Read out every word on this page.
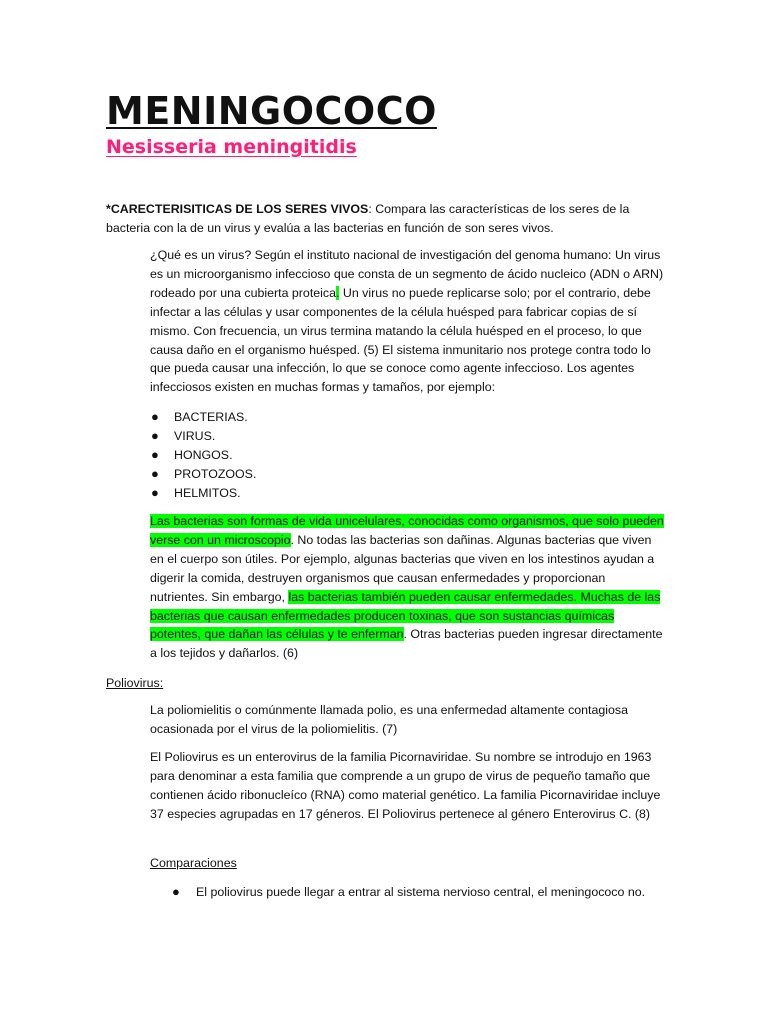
MENINGOCOCO
Nesisseria meningitidis

*CARECTERISITICAS DE LOS SERES VIVOS: Compara las características de los seres de la bacteria con la de un virus y evalúa a las bacterias en función de son seres vivos.

¿Qué es un virus? Según el instituto nacional de investigación del genoma humano: Un virus es un microorganismo infeccioso que consta de un segmento de ácido nucleico (ADN o ARN) rodeado por una cubierta proteica. Un virus no puede replicarse solo; por el contrario, debe infectar a las células y usar componentes de la célula huésped para fabricar copias de sí mismo. Con frecuencia, un virus termina matando la célula huésped en el proceso, lo que causa daño en el organismo huésped. (5) El sistema inmunitario nos protege contra todo lo que pueda causar una infección, lo que se conoce como agente infeccioso. Los agentes infecciosos existen en muchas formas y tamaños, por ejemplo:

● BACTERIAS.
● VIRUS.
● HONGOS.
● PROTOZOOS.
● HELMITOS.

Las bacterias son formas de vida unicelulares, conocidas como organismos, que solo pueden verse con un microscopio. No todas las bacterias son dañinas. Algunas bacterias que viven en el cuerpo son útiles. Por ejemplo, algunas bacterias que viven en los intestinos ayudan a digerir la comida, destruyen organismos que causan enfermedades y proporcionan nutrientes. Sin embargo, las bacterias también pueden causar enfermedades. Muchas de las bacterias que causan enfermedades producen toxinas, que son sustancias químicas potentes, que dañan las células y te enferman. Otras bacterias pueden ingresar directamente a los tejidos y dañarlos. (6)

Poliovirus:

La poliomielitis o comúnmente llamada polio, es una enfermedad altamente contagiosa ocasionada por el virus de la poliomielitis. (7)

El Poliovirus es un enterovirus de la familia Picornaviridae. Su nombre se introdujo en 1963 para denominar a esta familia que comprende a un grupo de virus de pequeño tamaño que contienen ácido ribonucleíco (RNA) como material genético. La familia Picornaviridae incluye 37 especies agrupadas en 17 géneros. El Poliovirus pertenece al género Enterovirus C. (8)

Comparaciones

● El poliovirus puede llegar a entrar al sistema nervioso central, el meningococo no.
